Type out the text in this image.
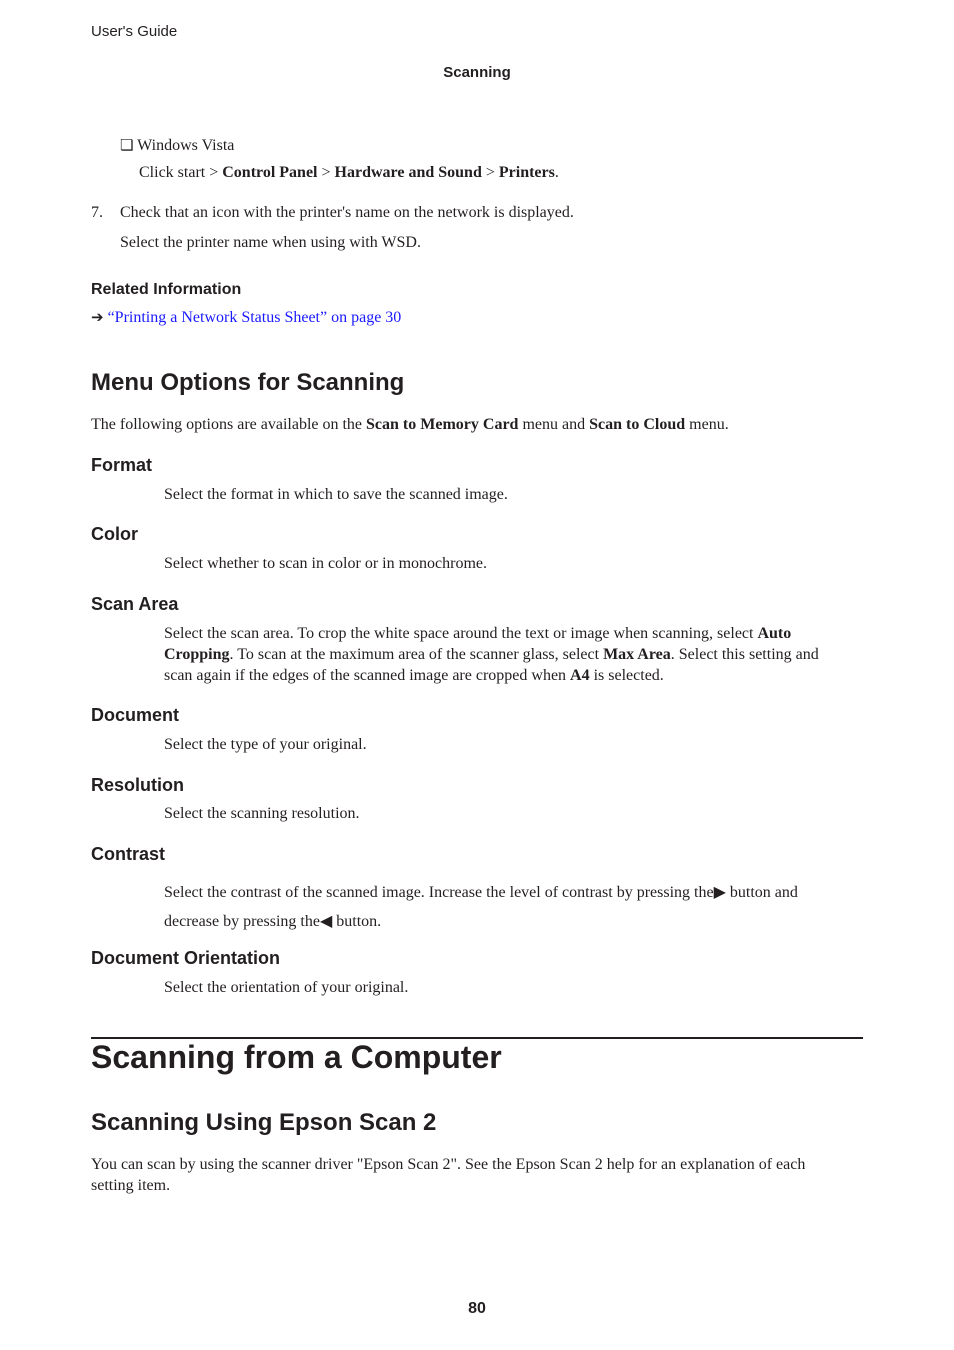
User's Guide
Scanning
❏ Windows Vista
Click start > Control Panel > Hardware and Sound > Printers.
7. Check that an icon with the printer's name on the network is displayed.
Select the printer name when using with WSD.
Related Information
➔ “Printing a Network Status Sheet” on page 30
Menu Options for Scanning
The following options are available on the Scan to Memory Card menu and Scan to Cloud menu.
Format
Select the format in which to save the scanned image.
Color
Select whether to scan in color or in monochrome.
Scan Area
Select the scan area. To crop the white space around the text or image when scanning, select Auto Cropping. To scan at the maximum area of the scanner glass, select Max Area. Select this setting and scan again if the edges of the scanned image are cropped when A4 is selected.
Document
Select the type of your original.
Resolution
Select the scanning resolution.
Contrast
Select the contrast of the scanned image. Increase the level of contrast by pressing the▶ button and decrease by pressing the◀ button.
Document Orientation
Select the orientation of your original.
Scanning from a Computer
Scanning Using Epson Scan 2
You can scan by using the scanner driver "Epson Scan 2". See the Epson Scan 2 help for an explanation of each setting item.
80
